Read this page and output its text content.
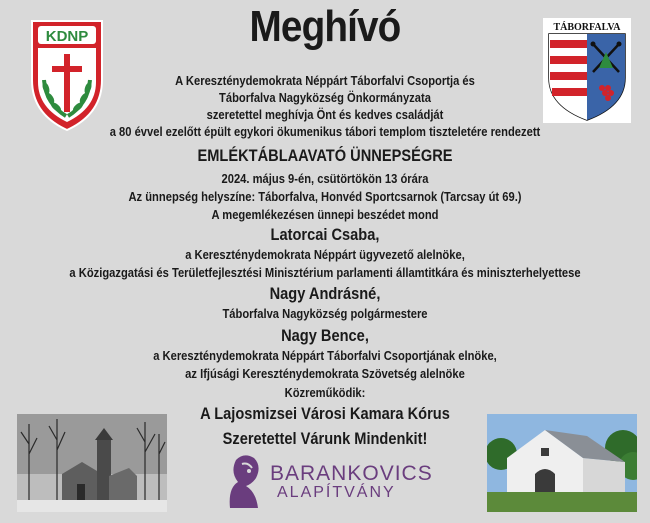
Meghívó
KDNP
TÁBORFALVA
A Kereszténydemokrata Néppárt Táborfalvi Csoportja és
Táborfalva Nagyközség Önkormányzata
szeretettel meghívja Önt és kedves családját
a 80 évvel ezelőtt épült egykori ökumenikus tábori templom tiszteletére rendezett
EMLÉKTÁBLAAVATÓ ÜNNEPSÉGRE
2024. május 9-én, csütörtökön 13 órára
Az ünnepség helyszíne: Táborfalva, Honvéd Sportcsarnok (Tarcsay út 69.)
A megemlékezésen ünnepi beszédet mond
Latorcai Csaba,
a Kereszténydemokrata Néppárt ügyvezető alelnöke,
a Közigazgatási és Területfejlesztési Minisztérium parlamenti államtitkára és miniszterhelyettese
Nagy Andrásné,
Táborfalva Nagyközség polgármestere
Nagy Bence,
a Kereszténydemokrata Néppárt Táborfalvi Csoportjának elnöke,
az Ifjúsági Kereszténydemokrata Szövetség alelnöke
Közreműködik:
A Lajosmizsei Városi Kamara Kórus
Szeretettel Várunk Mindenkit!
BARANKOVICS
ALAPÍTVÁNY
